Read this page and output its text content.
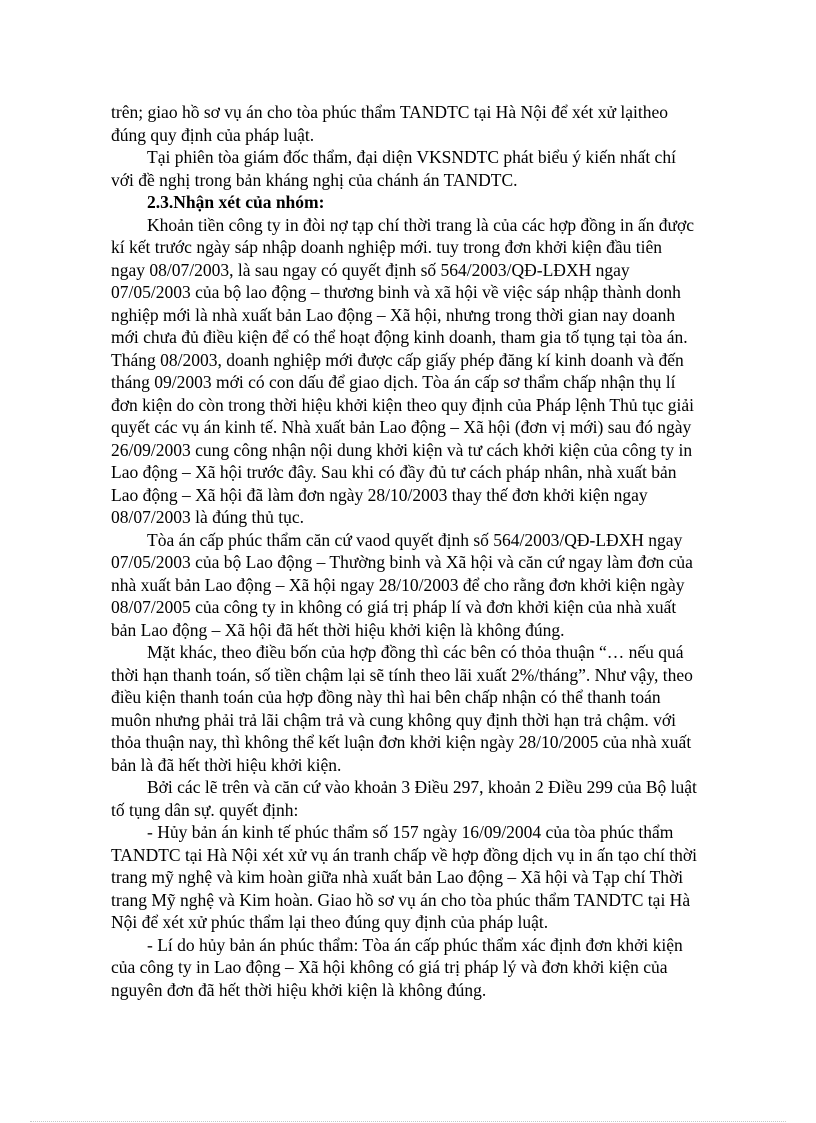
trên; giao hồ sơ vụ án cho tòa phúc thẩm TANDTC tại Hà Nội để xét xử lạitheo
đúng quy định của pháp luật.
Tại phiên tòa giám đốc thẩm, đại diện VKSNDTC phát biểu ý kiến nhất chí
với đề nghị trong bản kháng nghị của chánh án TANDTC.
2.3.Nhận xét của nhóm:
Khoản tiền công ty in đòi nợ tạp chí thời trang là của các hợp đồng in ấn được
kí kết trước ngày sáp nhập doanh nghiệp mới. tuy trong đơn khởi kiện đầu tiên
ngay 08/07/2003, là sau ngay có quyết định số 564/2003/QĐ-LĐXH ngay
07/05/2003 của bộ lao động – thương binh và xã hội về việc sáp nhập thành donh
nghiệp mới là nhà xuất bản Lao động – Xã hội, nhưng trong thời gian nay doanh
mới chưa đủ điều kiện để có thể hoạt động kinh doanh, tham gia tố tụng tại tòa án.
Tháng 08/2003, doanh nghiệp mới được cấp giấy phép đăng kí kinh doanh và đến
tháng 09/2003 mới có con dấu để giao dịch. Tòa án cấp sơ thẩm chấp nhận thụ lí
đơn kiện do còn trong thời hiệu khởi kiện theo quy định của Pháp lệnh Thủ tục giải
quyết các vụ án kinh tế. Nhà xuất bản Lao động – Xã hội (đơn vị mới) sau đó ngày
26/09/2003 cung công nhận nội dung khởi kiện và tư cách khởi kiện của công ty in
Lao động – Xã hội trước đây. Sau khi có đầy đủ tư cách pháp nhân, nhà xuất bản
Lao động – Xã hội đã làm đơn ngày 28/10/2003 thay thế đơn khởi kiện ngay
08/07/2003 là đúng thủ tục.
Tòa án cấp phúc thẩm căn cứ vaod quyết định số 564/2003/QĐ-LĐXH ngay
07/05/2003 của bộ Lao động – Thường binh và Xã hội và căn cứ ngay làm đơn của
nhà xuất bản Lao động – Xã hội ngay 28/10/2003 để cho rằng đơn khởi kiện ngày
08/07/2005 của công ty in không có giá trị pháp lí và đơn khởi kiện của nhà xuất
bản Lao động – Xã hội đã hết thời hiệu khởi kiện là không đúng.
Mặt khác, theo điều bốn của hợp đồng thì các bên có thỏa thuận “… nếu quá
thời hạn thanh toán, số tiền chậm lại sẽ tính theo lãi xuất 2%/tháng”. Như vậy, theo
điều kiện thanh toán của hợp đồng này thì hai bên chấp nhận có thể thanh toán
muôn nhưng phải trả lãi chậm trả và cung không quy định thời hạn trả chậm. với
thỏa thuận nay, thì không thể kết luận đơn khởi kiện ngày 28/10/2005 của nhà xuất
bản là đã hết thời hiệu khởi kiện.
Bởi các lẽ trên và căn cứ vào khoản 3 Điều 297, khoản 2 Điều 299 của Bộ luật
tố tụng dân sự. quyết định:
- Hủy bản án kinh tế phúc thẩm số 157 ngày 16/09/2004 của tòa phúc thẩm
TANDTC tại Hà Nội xét xử vụ án tranh chấp về hợp đồng dịch vụ in ấn tạo chí thời
trang mỹ nghệ và kim hoàn giữa nhà xuất bản Lao động – Xã hội và Tạp chí Thời
trang Mỹ nghệ và Kim hoàn. Giao hồ sơ vụ án cho tòa phúc thẩm TANDTC tại Hà
Nội để xét xử phúc thẩm lại theo đúng quy định của pháp luật.
- Lí do hủy bản án phúc thẩm: Tòa án cấp phúc thẩm xác định đơn khởi kiện
của công ty in Lao động – Xã hội không có giá trị pháp lý và đơn khởi kiện của
nguyên đơn đã hết thời hiệu khởi kiện là không đúng.
